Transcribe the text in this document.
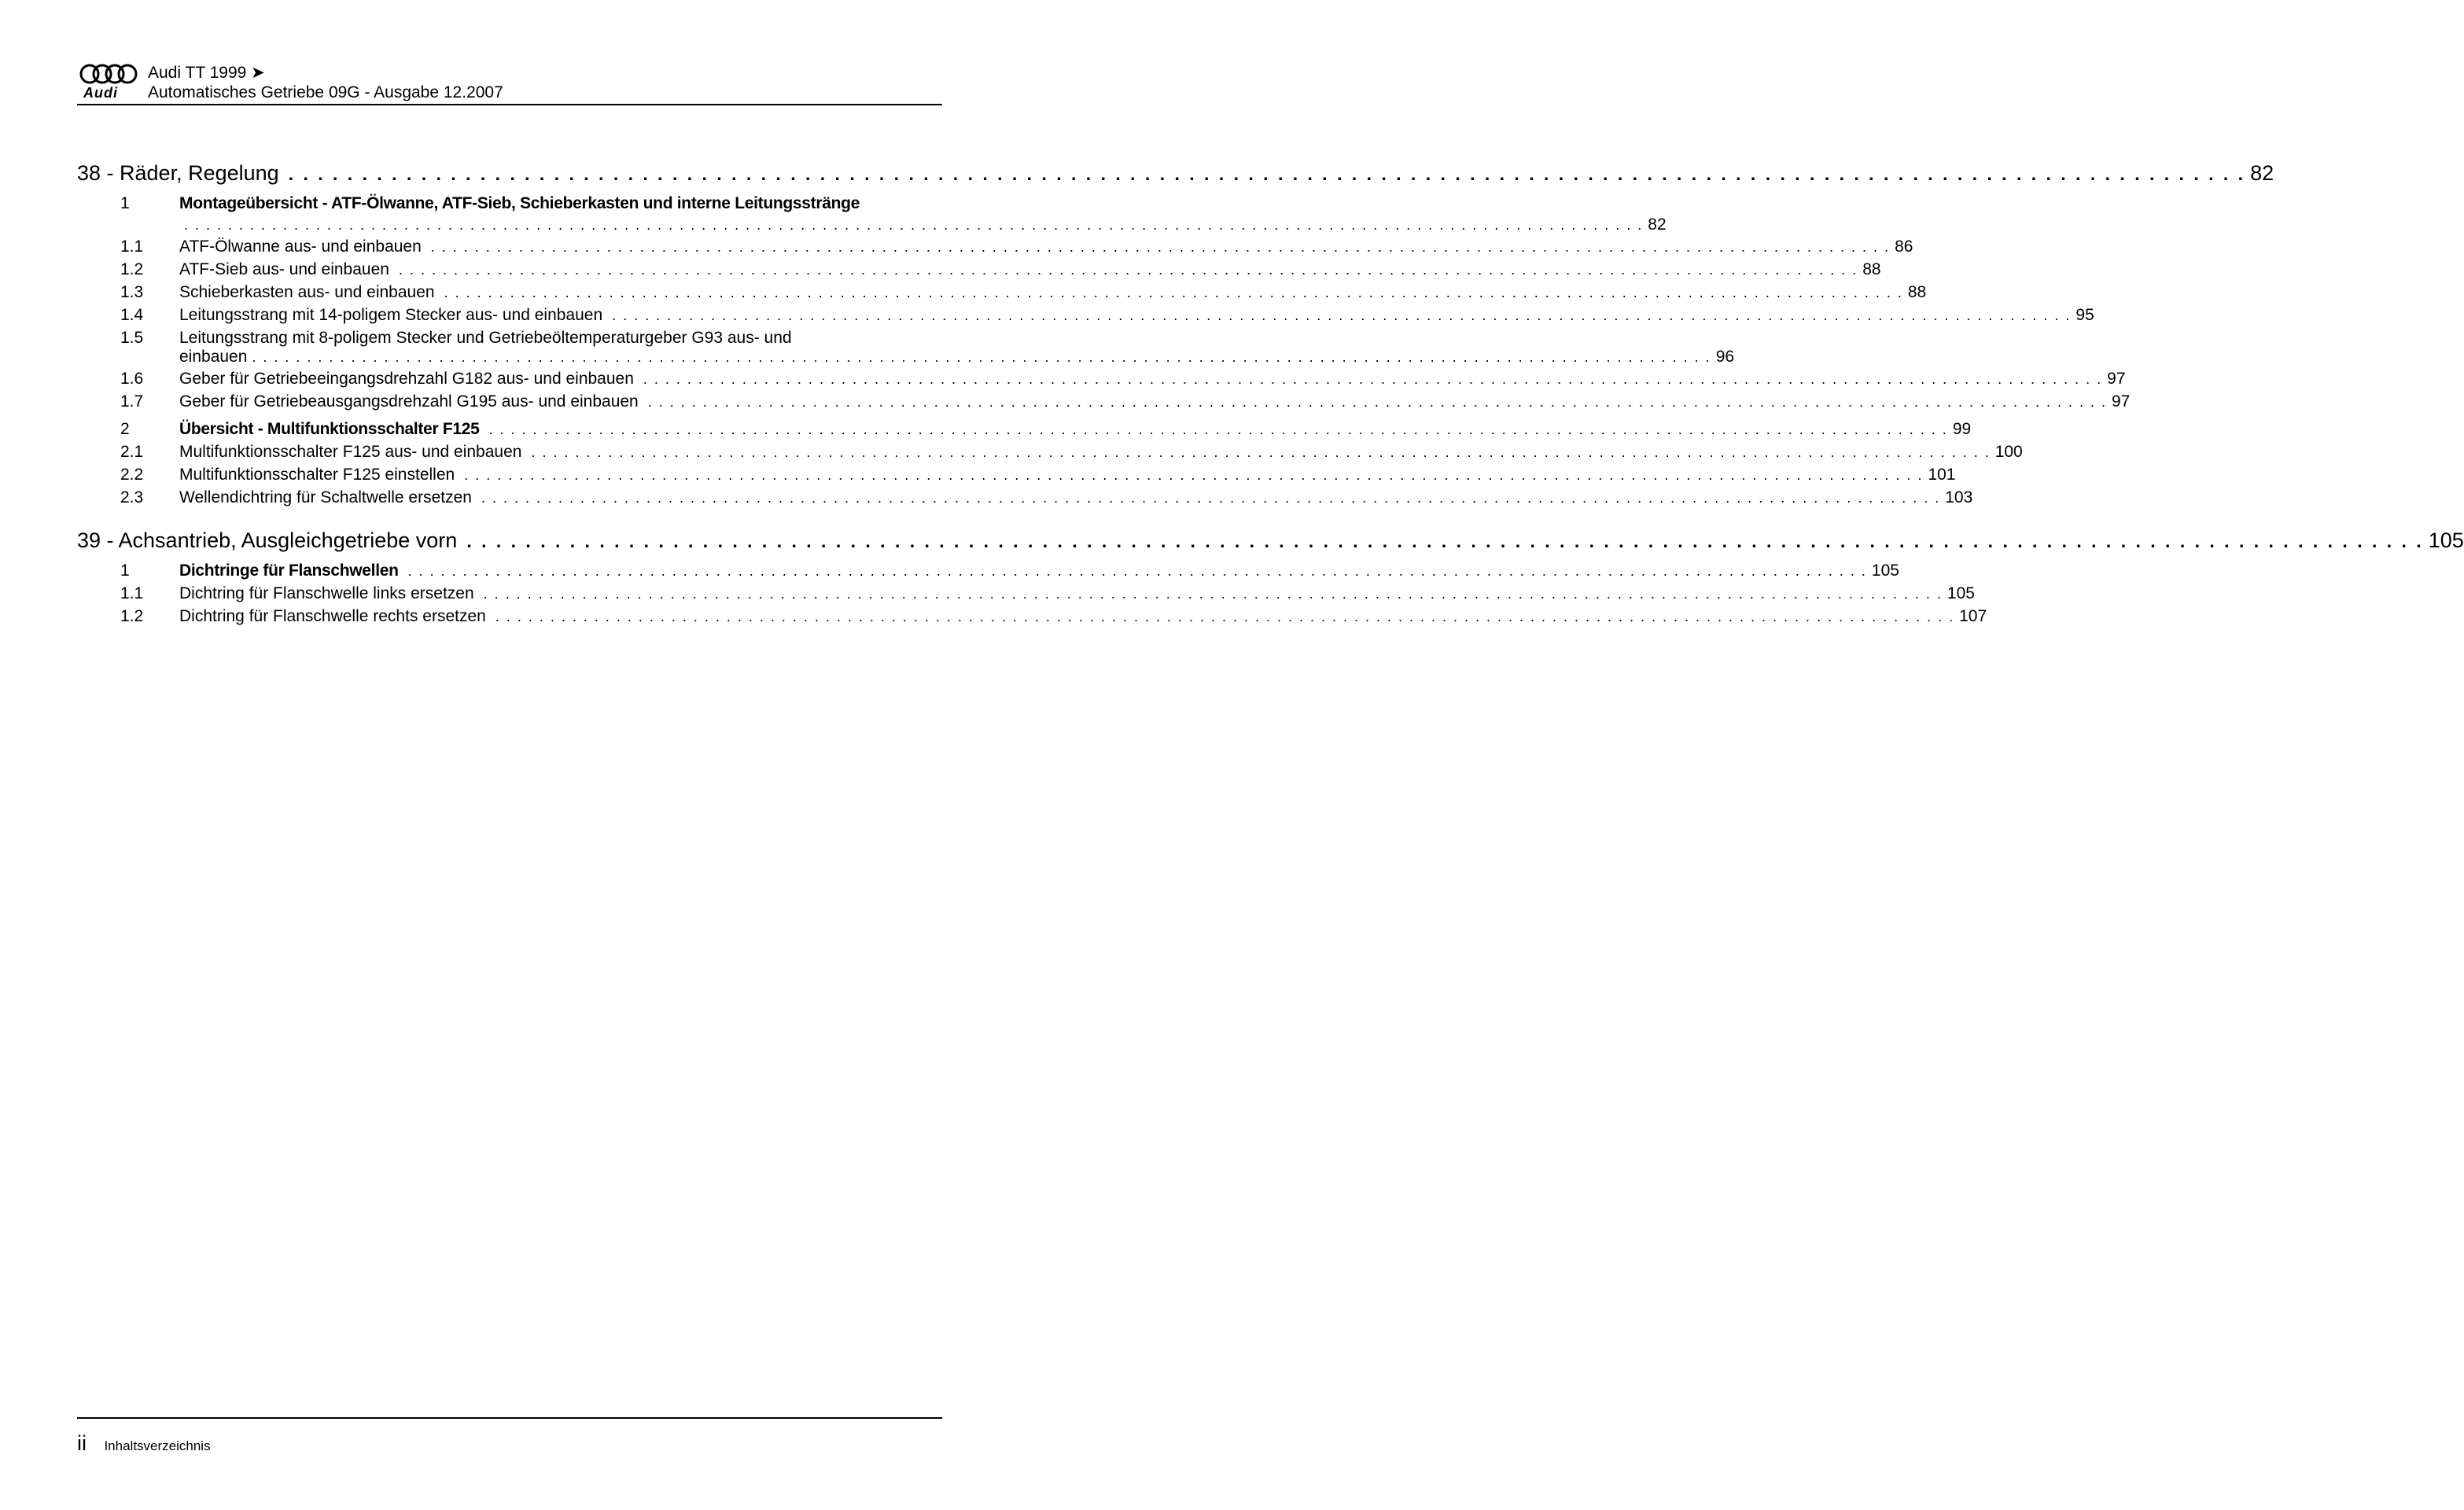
Audi
Audi TT 1999 ➤
Automatisches Getriebe 09G - Ausgabe 12.2007
38 - Räder, Regelung . . . . . . . . . . . . . . . . . . . . . . . . . . . . . . . . . . . . . . . . . . . . . . . . . . . . . . . . . . . . . . . . . . . . . . . . . . . . . . . . . . . . . . . . . . . . . . . . . . . . . . . . . . . . . . . . . . . . . . . . . . . . . . . . . . . . . 82
1	Montageübersicht - ATF-Ölwanne, ATF-Sieb, Schieberkasten und interne Leitungsstränge
. . . . . . . . . . . . . . . . . . . . . . . . . . . . . . . . . . . . . . . . . . . . . . . . . . . . . . . . . . . . . . . . . . . . . . . . . . . . . . . . . . . . . . . . . . . . . . . . . . . . . . . . . . . . . . . . . . . . . . . . . . . . . . . . . . . . . 82
1.1	ATF-Ölwanne aus- und einbauen . . . . . . . . . . . . . . . . . . . . . . . . . . . . . . . . . . . . . . . . . . . . . . . . . . . . . . . . . . . . . . . . . . . . . . . . . . . . . . . . . . . . . . . . . . . . . . . . . . . . . . . . . . . . . . . . . . . . . . . . . . . . . . . . . . . . . 86
1.2	ATF-Sieb aus- und einbauen . . . . . . . . . . . . . . . . . . . . . . . . . . . . . . . . . . . . . . . . . . . . . . . . . . . . . . . . . . . . . . . . . . . . . . . . . . . . . . . . . . . . . . . . . . . . . . . . . . . . . . . . . . . . . . . . . . . . . . . . . . . . . . . . . . . . . 88
1.3	Schieberkasten aus- und einbauen . . . . . . . . . . . . . . . . . . . . . . . . . . . . . . . . . . . . . . . . . . . . . . . . . . . . . . . . . . . . . . . . . . . . . . . . . . . . . . . . . . . . . . . . . . . . . . . . . . . . . . . . . . . . . . . . . . . . . . . . . . . . . . . . . . . . . 88
1.4	Leitungsstrang mit 14-poligem Stecker aus- und einbauen . . . . . . . . . . . . . . . . . . . . . . . . . . . . . . . . . . . . . . . . . . . . . . . . . . . . . . . . . . . . . . . . . . . . . . . . . . . . . . . . . . . . . . . . . . . . . . . . . . . . . . . . . . . . . . . . . . . . . . . . . . . . . . . . . . . . . 95
1.5	Leitungsstrang mit 8-poligem Stecker und Getriebeöltemperaturgeber G93 aus- und
einbauen . . . . . . . . . . . . . . . . . . . . . . . . . . . . . . . . . . . . . . . . . . . . . . . . . . . . . . . . . . . . . . . . . . . . . . . . . . . . . . . . . . . . . . . . . . . . . . . . . . . . . . . . . . . . . . . . . . . . . . . . . . . . . . . . . . . . . 96
1.6	Geber für Getriebeeingangsdrehzahl G182 aus- und einbauen . . . . . . . . . . . . . . . . . . . . . . . . . . . . . . . . . . . . . . . . . . . . . . . . . . . . . . . . . . . . . . . . . . . . . . . . . . . . . . . . . . . . . . . . . . . . . . . . . . . . . . . . . . . . . . . . . . . . . . . . . . . . . . . . . . . . . 97
1.7	Geber für Getriebeausgangsdrehzahl G195 aus- und einbauen . . . . . . . . . . . . . . . . . . . . . . . . . . . . . . . . . . . . . . . . . . . . . . . . . . . . . . . . . . . . . . . . . . . . . . . . . . . . . . . . . . . . . . . . . . . . . . . . . . . . . . . . . . . . . . . . . . . . . . . . . . . . . . . . . . . . . 97
2	Übersicht - Multifunktionsschalter F125 . . . . . . . . . . . . . . . . . . . . . . . . . . . . . . . . . . . . . . . . . . . . . . . . . . . . . . . . . . . . . . . . . . . . . . . . . . . . . . . . . . . . . . . . . . . . . . . . . . . . . . . . . . . . . . . . . . . . . . . . . . . . . . . . . . . . . 99
2.1	Multifunktionsschalter F125 aus- und einbauen . . . . . . . . . . . . . . . . . . . . . . . . . . . . . . . . . . . . . . . . . . . . . . . . . . . . . . . . . . . . . . . . . . . . . . . . . . . . . . . . . . . . . . . . . . . . . . . . . . . . . . . . . . . . . . . . . . . . . . . . . . . . . . . . . . . . . 100
2.2	Multifunktionsschalter F125 einstellen . . . . . . . . . . . . . . . . . . . . . . . . . . . . . . . . . . . . . . . . . . . . . . . . . . . . . . . . . . . . . . . . . . . . . . . . . . . . . . . . . . . . . . . . . . . . . . . . . . . . . . . . . . . . . . . . . . . . . . . . . . . . . . . . . . . . . 101
2.3	Wellendichtring für Schaltwelle ersetzen . . . . . . . . . . . . . . . . . . . . . . . . . . . . . . . . . . . . . . . . . . . . . . . . . . . . . . . . . . . . . . . . . . . . . . . . . . . . . . . . . . . . . . . . . . . . . . . . . . . . . . . . . . . . . . . . . . . . . . . . . . . . . . . . . . . . . 103
39 - Achsantrieb, Ausgleichgetriebe vorn . . . . . . . . . . . . . . . . . . . . . . . . . . . . . . . . . . . . . . . . . . . . . . . . . . . . . . . . . . . . . . . . . . . . . . . . . . . . . . . . . . . . . . . . . . . . . . . . . . . . . . . . . . . . . . . . . . . . . . . . . . . . . . . . . . . . . 105
1	Dichtringe für Flanschwellen . . . . . . . . . . . . . . . . . . . . . . . . . . . . . . . . . . . . . . . . . . . . . . . . . . . . . . . . . . . . . . . . . . . . . . . . . . . . . . . . . . . . . . . . . . . . . . . . . . . . . . . . . . . . . . . . . . . . . . . . . . . . . . . . . . . . . 105
1.1	Dichtring für Flanschwelle links ersetzen . . . . . . . . . . . . . . . . . . . . . . . . . . . . . . . . . . . . . . . . . . . . . . . . . . . . . . . . . . . . . . . . . . . . . . . . . . . . . . . . . . . . . . . . . . . . . . . . . . . . . . . . . . . . . . . . . . . . . . . . . . . . . . . . . . . . . 105
1.2	Dichtring für Flanschwelle rechts ersetzen . . . . . . . . . . . . . . . . . . . . . . . . . . . . . . . . . . . . . . . . . . . . . . . . . . . . . . . . . . . . . . . . . . . . . . . . . . . . . . . . . . . . . . . . . . . . . . . . . . . . . . . . . . . . . . . . . . . . . . . . . . . . . . . . . . . . . 107
ii Inhaltsverzeichnis
